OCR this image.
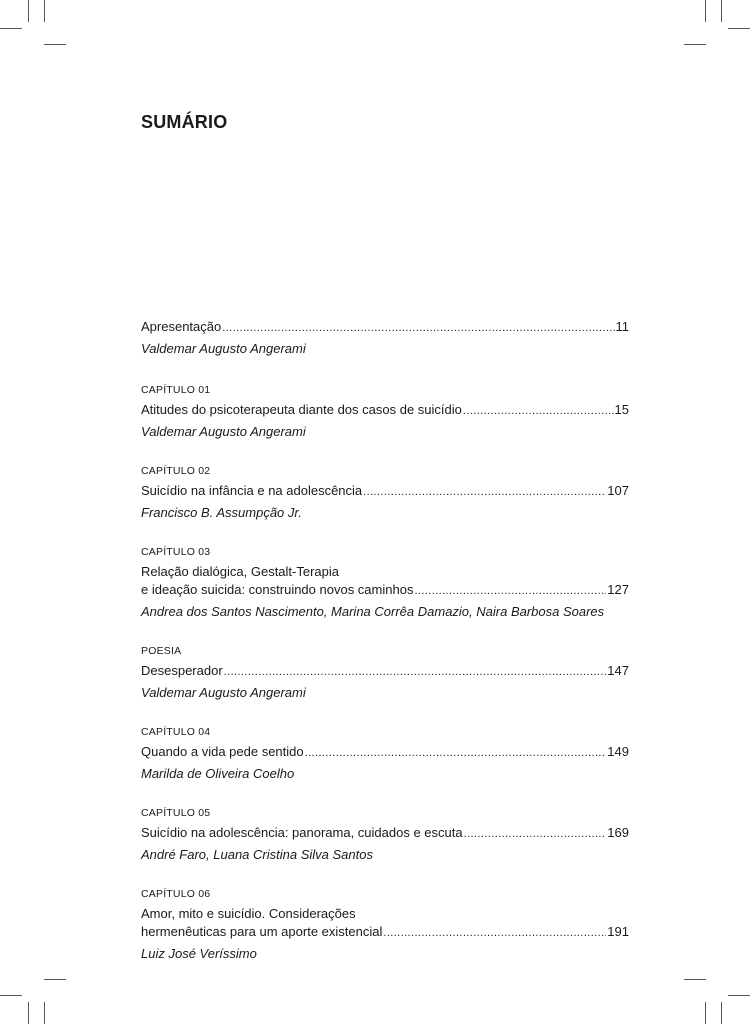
SUMÁRIO
Apresentação .....	11
Valdemar Augusto Angerami
CAPÍTULO 01
Atitudes do psicoterapeuta diante dos casos de suicídio .....	15
Valdemar Augusto Angerami
CAPÍTULO 02
Suicídio na infância e na adolescência .....	107
Francisco B. Assumpção Jr.
CAPÍTULO 03
Relação dialógica, Gestalt-Terapia
e ideação suicida: construindo novos caminhos .....	127
Andrea dos Santos Nascimento, Marina Corrêa Damazio, Naira Barbosa Soares
POESIA
Desesperador .....	147
Valdemar Augusto Angerami
CAPÍTULO 04
Quando a vida pede sentido .....	149
Marilda de Oliveira Coelho
CAPÍTULO 05
Suicídio na adolescência: panorama, cuidados e escuta .....	169
André Faro, Luana Cristina Silva Santos
CAPÍTULO 06
Amor, mito e suicídio. Considerações
hermenêuticas para um aporte existencial .....	191
Luiz José Veríssimo
